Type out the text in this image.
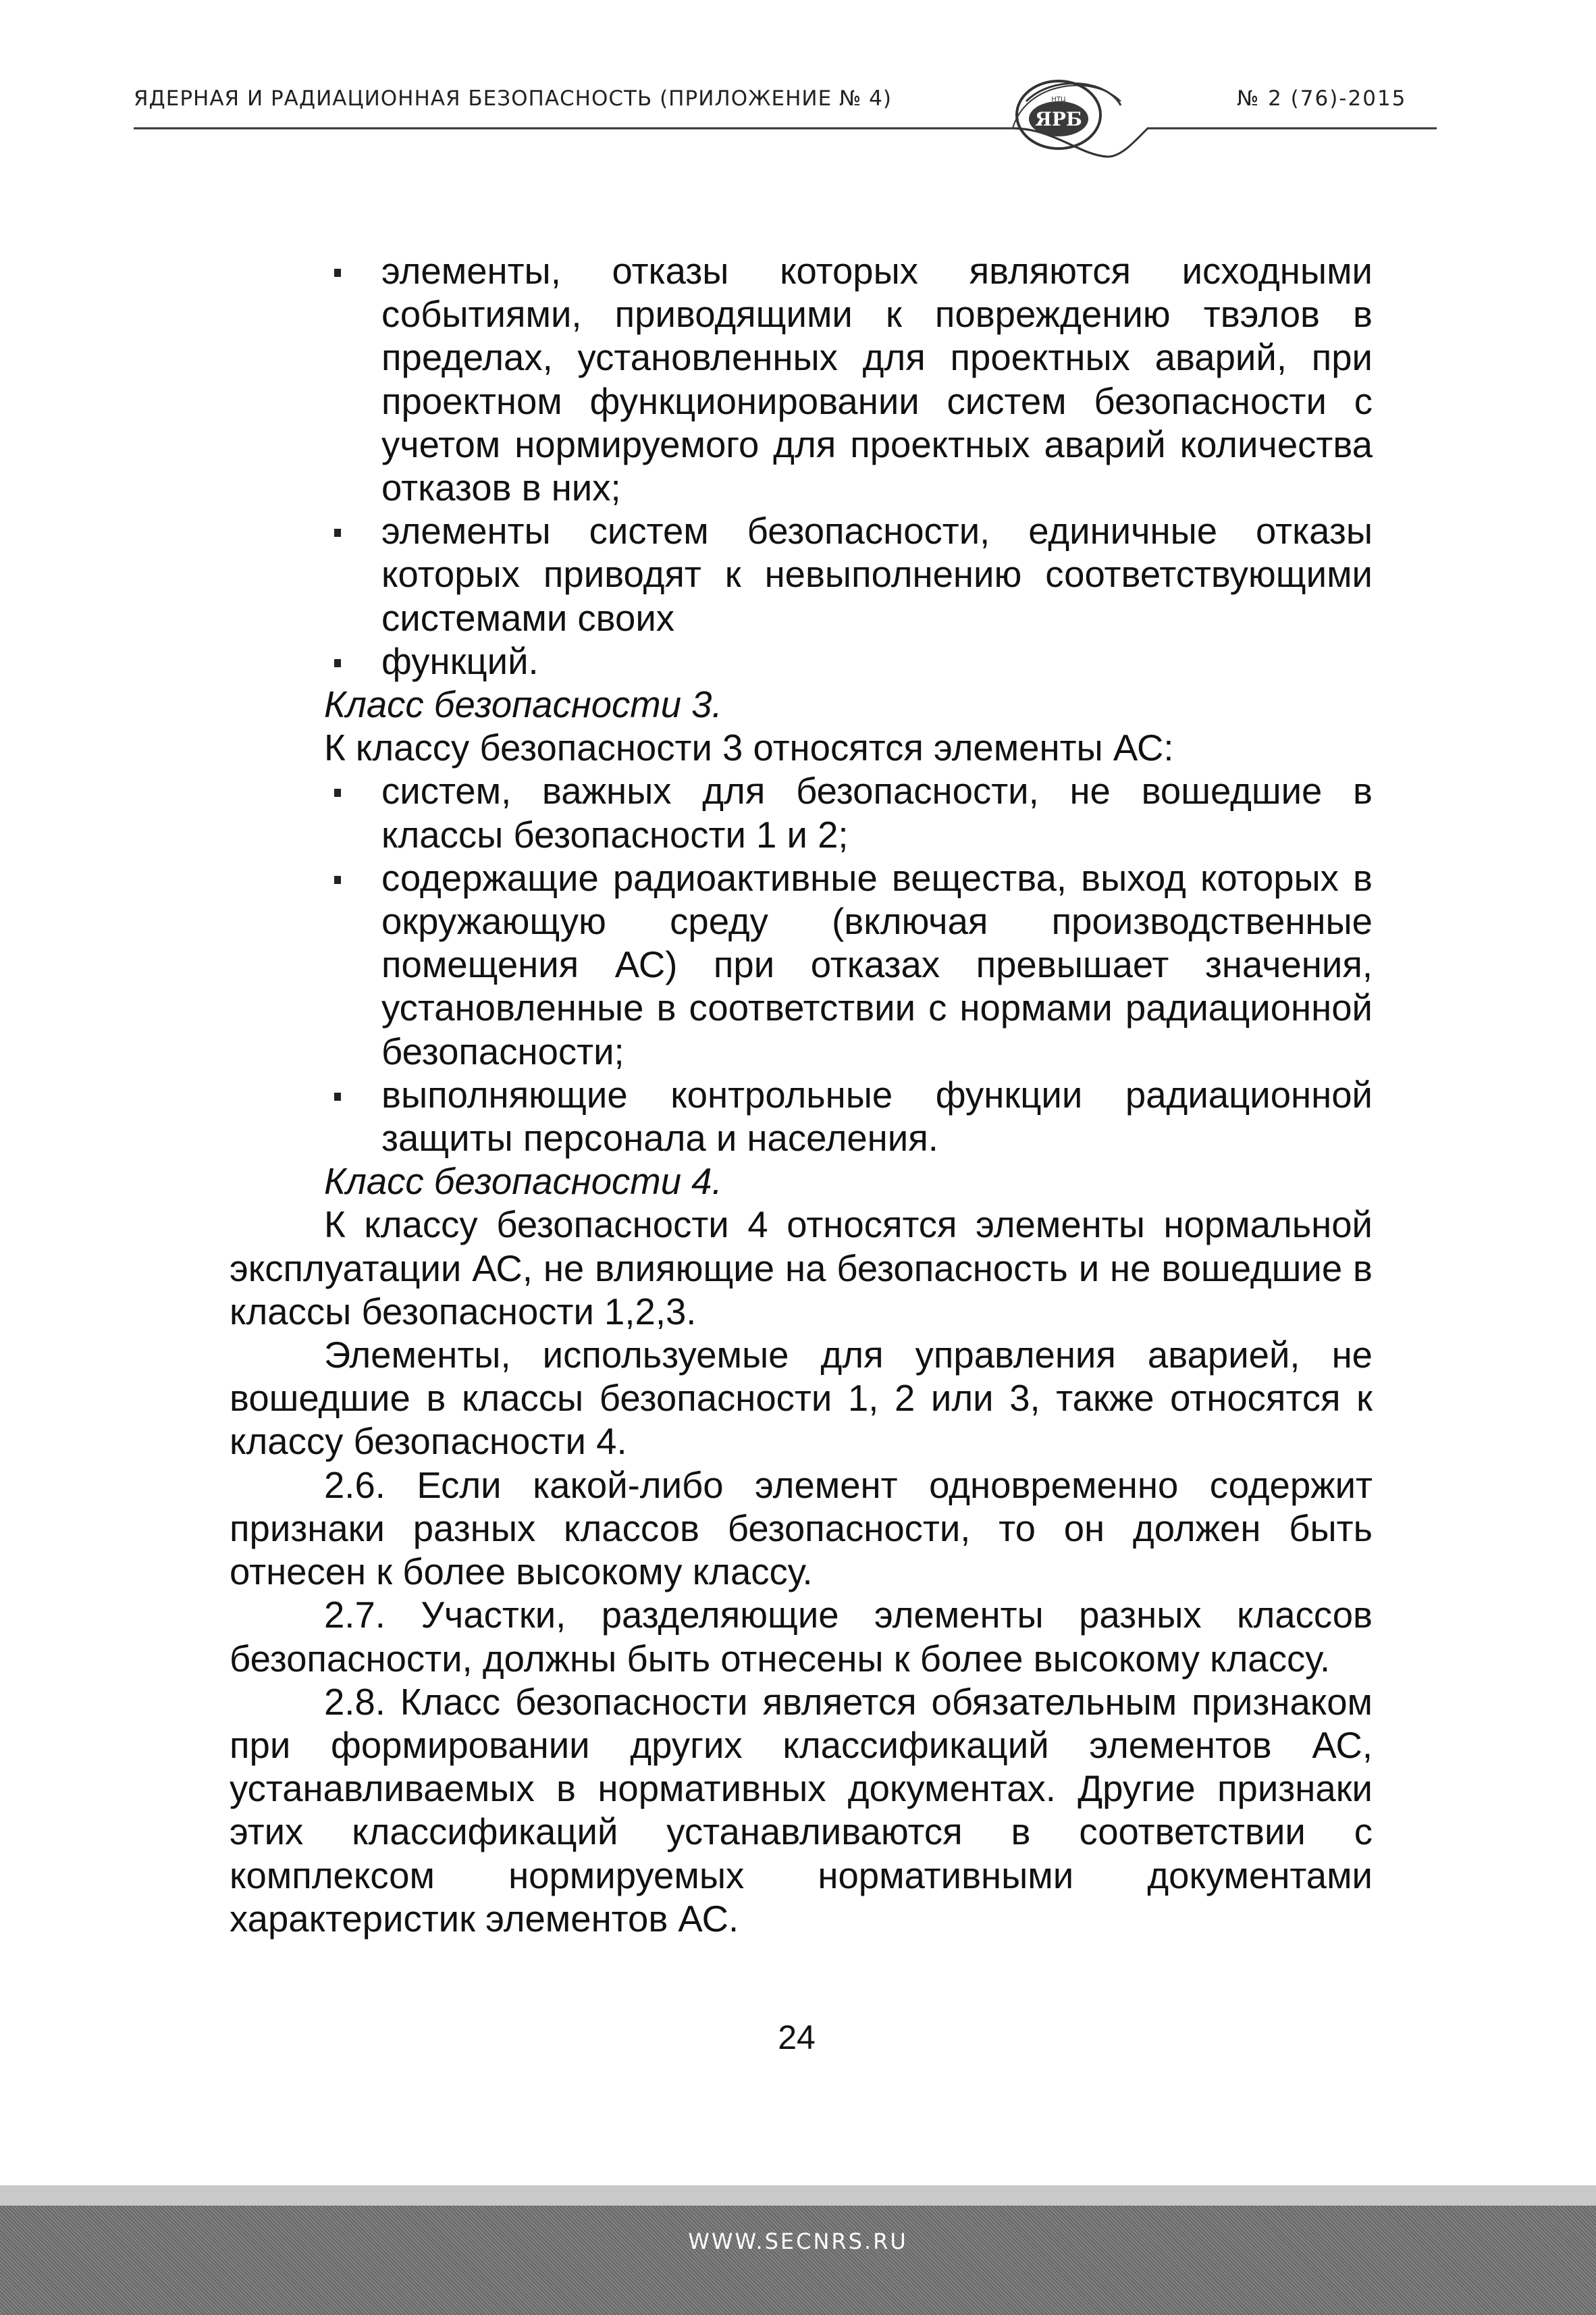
ЯРБ
НТЦ
ЯДЕРНАЯ И РАДИАЦИОННАЯ БЕЗОПАСНОСТЬ (ПРИЛОЖЕНИЕ № 4)	№ 2 (76)-2015
элементы, отказы которых являются исходными событиями, приводящими к повреждению твэлов в пределах, установленных для проектных аварий, при проектном функционировании систем безопасности с учетом нормируемого для проектных аварий количества отказов в них;
элементы систем безопасности, единичные отказы которых приводят к невыполнению соответствующими системами своих
функций.

Класс безопасности 3.

К классу безопасности 3 относятся элементы АС:

систем, важных для безопасности, не вошедшие в классы безопасности 1 и 2;
содержащие радиоактивные вещества, выход которых в окружающую среду (включая производственные помещения АС) при отказах превышает значения, установленные в соответствии с нормами радиационной безопасности;
выполняющие контрольные функции радиационной защиты персонала и населения.

Класс безопасности 4.

К классу безопасности 4 относятся элементы нормальной эксплуатации АС, не влияющие на безопасность и не вошедшие в классы безопасности 1,2,3.

Элементы, используемые для управления аварией, не вошедшие в классы безопасности 1, 2 или 3, также относятся к классу безопасности 4.

2.6. Если какой-либо элемент одновременно содержит признаки разных классов безопасности, то он должен быть отнесен к более высокому классу.

2.7. Участки, разделяющие элементы разных классов безопасности, должны быть отнесены к более высокому классу.

2.8. Класс безопасности является обязательным признаком при формировании других классификаций элементов АС, устанавливаемых в нормативных документах. Другие признаки этих классификаций устанавливаются в соответствии с комплексом нормируемых нормативными документами характеристик элементов АС.

24
WWW.SECNRS.RU
